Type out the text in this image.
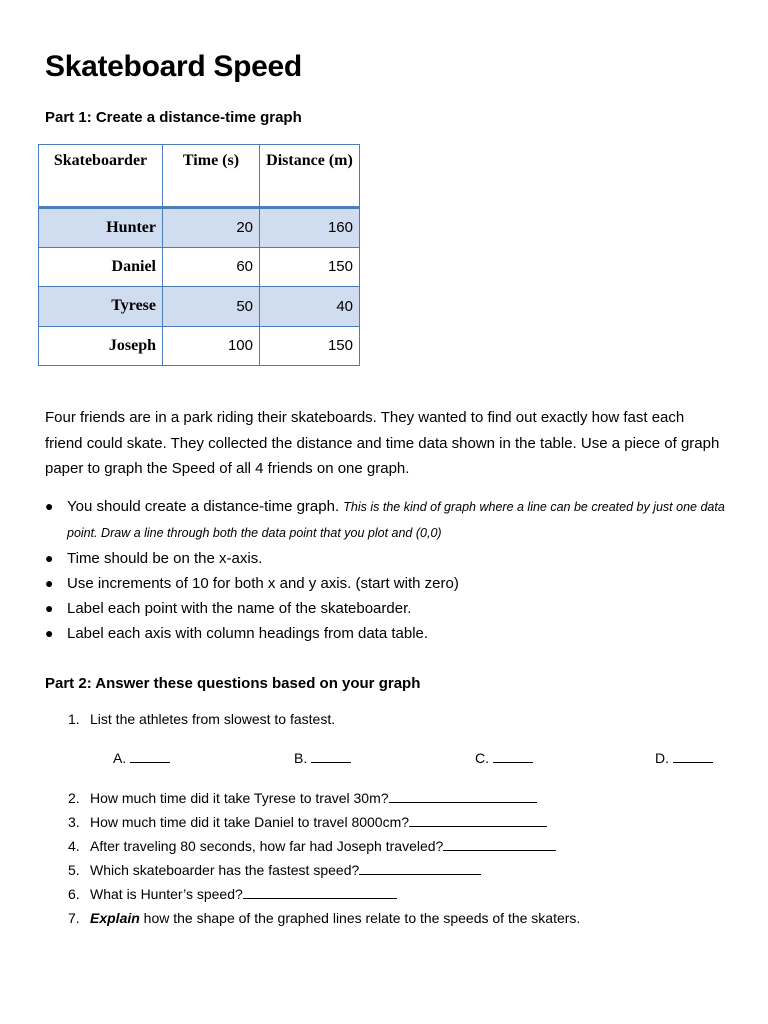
Skateboard Speed
Part 1: Create a distance-time graph
Skateboarder	Time (s)	Distance (m)
Hunter	20	160
Daniel	60	150
Tyrese	50	40
Joseph	100	150

Four friends are in a park riding their skateboards. They wanted to find out exactly how fast each friend could skate. They collected the distance and time data shown in the table. Use a piece of graph paper to graph the Speed of all 4 friends on one graph.

● You should create a distance-time graph. This is the kind of graph where a line can be created by just one data point. Draw a line through both the data point that you plot and (0,0)
● Time should be on the x-axis.
● Use increments of 10 for both x and y axis. (start with zero)
● Label each point with the name of the skateboarder.
● Label each axis with column headings from data table.
Part 2: Answer these questions based on your graph
1. List the athletes from slowest to fastest.
A.	B.	C.	D.
2. How much time did it take Tyrese to travel 30m?
3. How much time did it take Daniel to travel 8000cm?
4. After traveling 80 seconds, how far had Joseph traveled?
5. Which skateboarder has the fastest speed?
6. What is Hunter’s speed?
7. Explain how the shape of the graphed lines relate to the speeds of the skaters.
